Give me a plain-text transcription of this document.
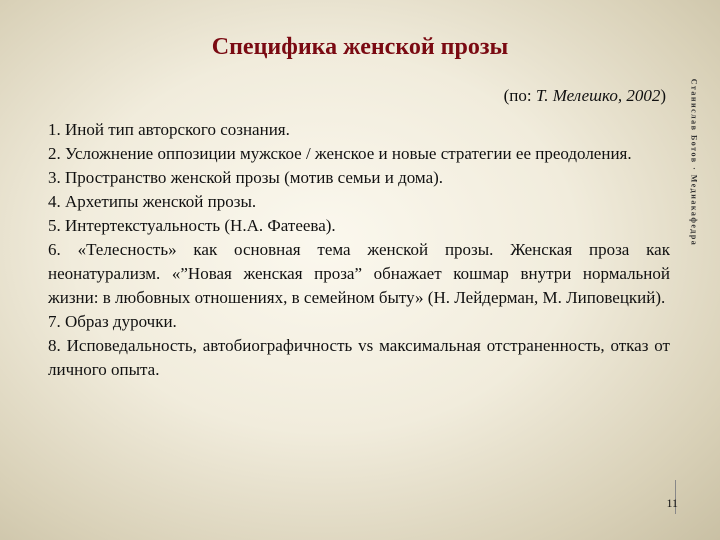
Специфика женской прозы
(по: Т. Мелешко, 2002)

1. Иной тип авторского сознания.

2. Усложнение оппозиции мужское / женское и новые стратегии ее преодоления.

3. Пространство женской прозы (мотив семьи и дома).

4. Архетипы женской прозы.

5. Интертекстуальность (Н.А. Фатеева).

6. «Телесность» как основная тема женской прозы. Женская проза как неонатурализм. «”Новая женская проза” обнажает кошмар внутри нормальной жизни: в любовных отношениях, в семейном быту» (Н. Лейдерман, М. Липовецкий).

7. Образ дурочки.

8. Исповедальность, автобиографичность vs максимальная отстраненность, отказ от личного опыта.

Станислав Ботов · Медиакафедра
11
